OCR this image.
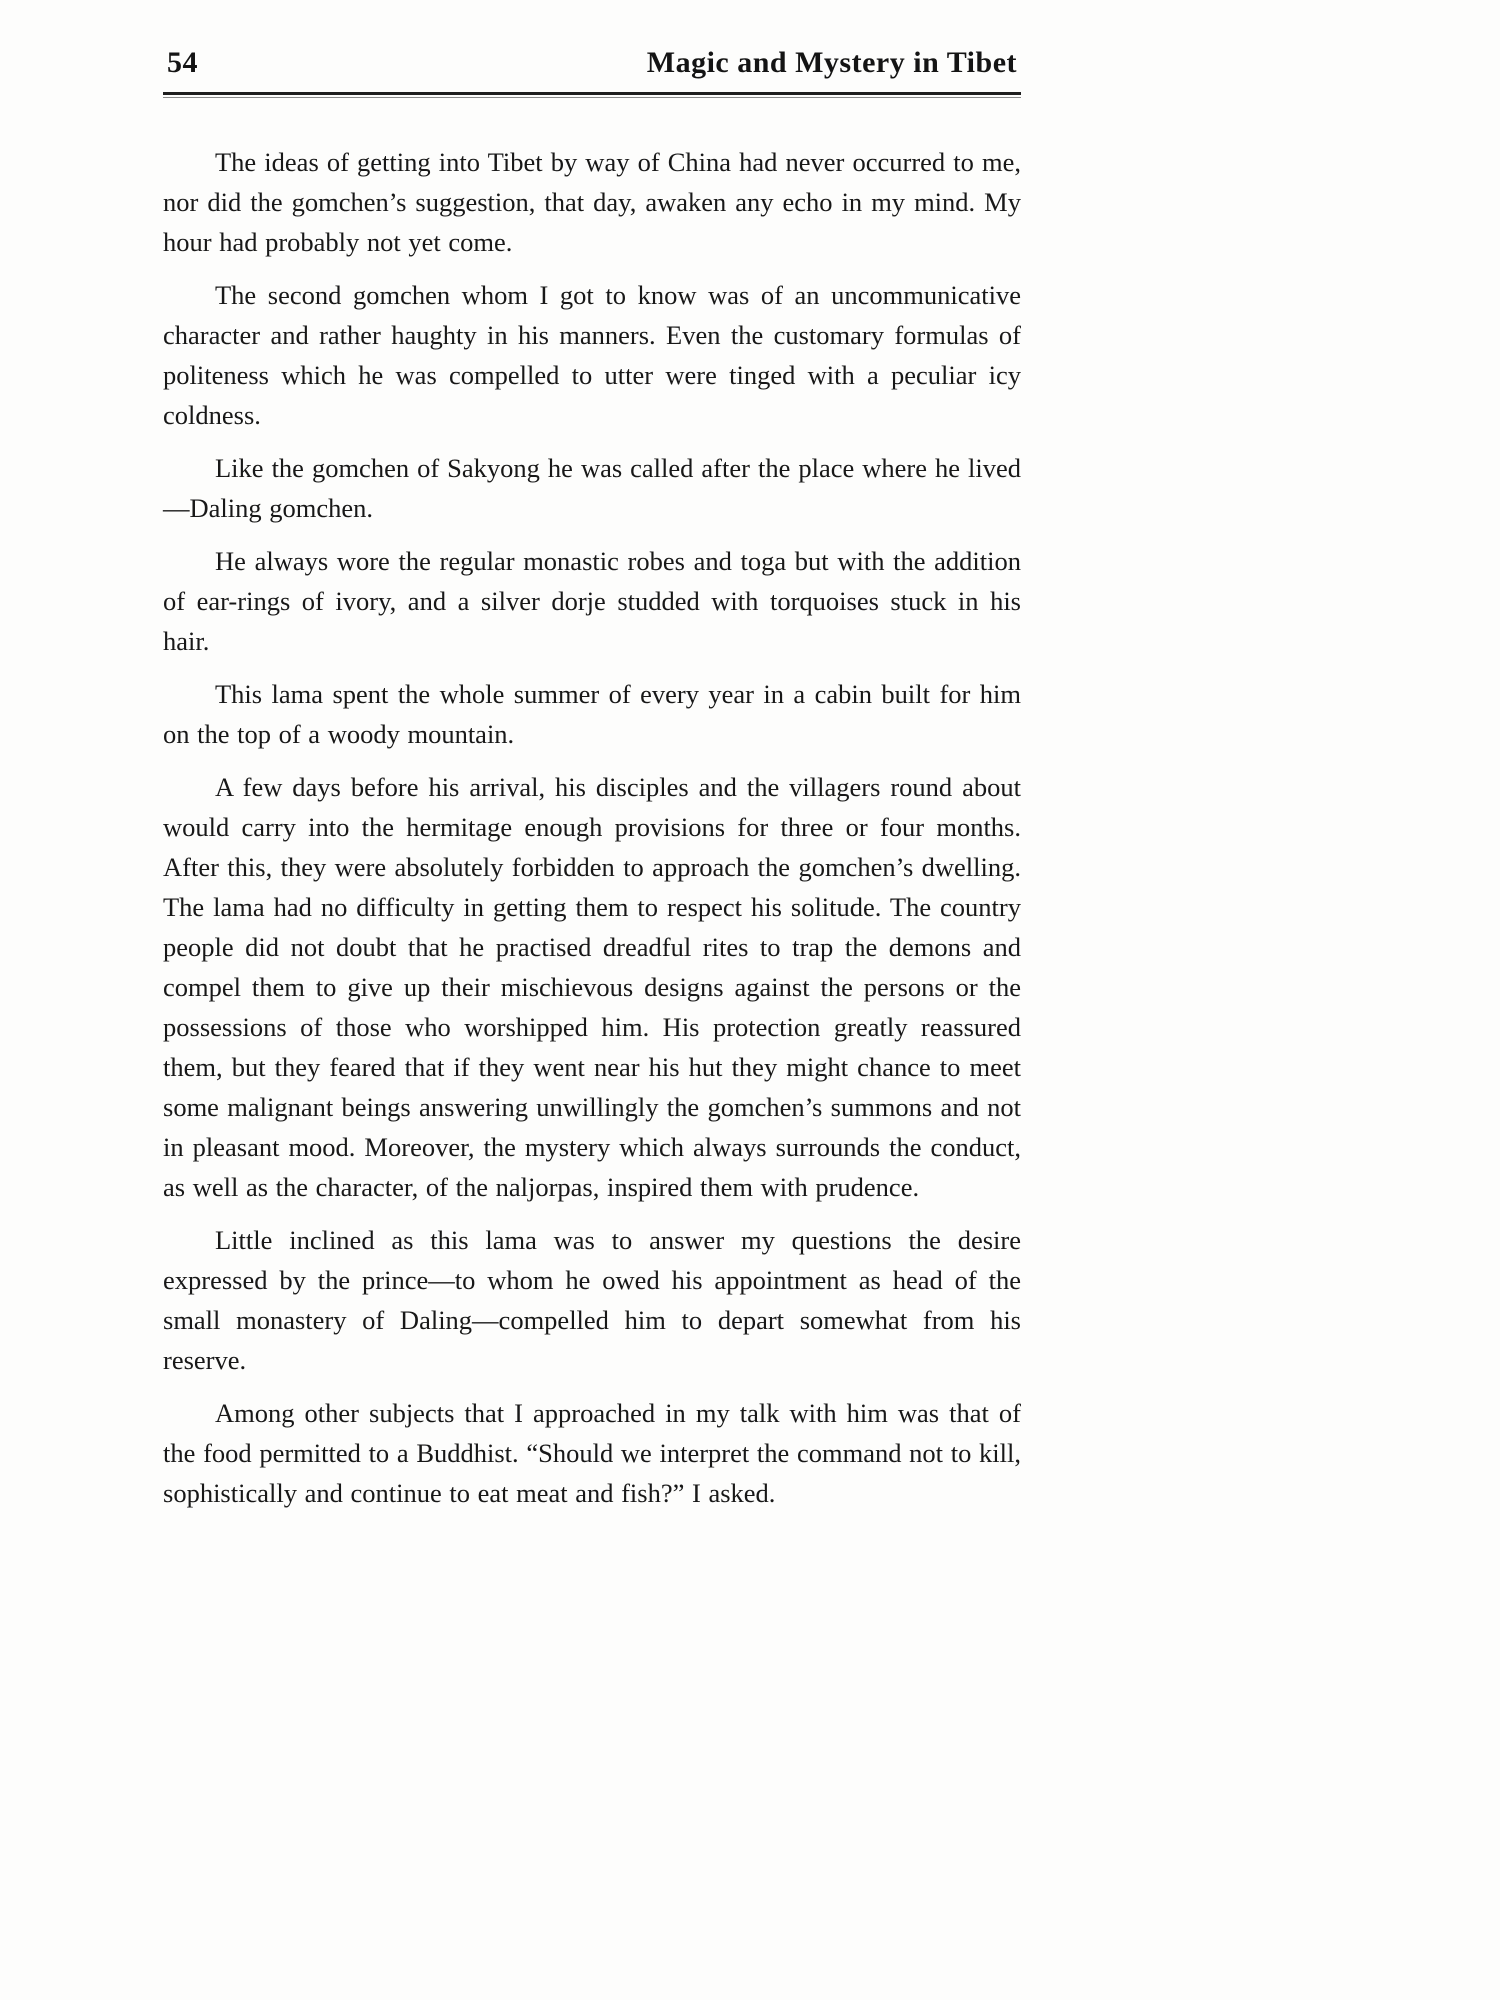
54	Magic and Mystery in Tibet

The ideas of getting into Tibet by way of China had never occurred to me, nor did the gomchen’s suggestion, that day, awaken any echo in my mind. My hour had probably not yet come.

The second gomchen whom I got to know was of an uncommunicative character and rather haughty in his manners. Even the customary formulas of politeness which he was compelled to utter were tinged with a peculiar icy coldness.

Like the gomchen of Sakyong he was called after the place where he lived—Daling gomchen.

He always wore the regular monastic robes and toga but with the addition of ear-rings of ivory, and a silver dorje studded with torquoises stuck in his hair.

This lama spent the whole summer of every year in a cabin built for him on the top of a woody mountain.

A few days before his arrival, his disciples and the villagers round about would carry into the hermitage enough provisions for three or four months. After this, they were absolutely forbidden to approach the gomchen’s dwelling. The lama had no difficulty in getting them to respect his solitude. The country people did not doubt that he practised dreadful rites to trap the demons and compel them to give up their mischievous designs against the persons or the possessions of those who worshipped him. His protection greatly reassured them, but they feared that if they went near his hut they might chance to meet some malignant beings answering unwillingly the gomchen’s summons and not in pleasant mood. Moreover, the mystery which always surrounds the conduct, as well as the character, of the naljorpas, inspired them with prudence.

Little inclined as this lama was to answer my questions the desire expressed by the prince—to whom he owed his appointment as head of the small monastery of Daling—compelled him to depart somewhat from his reserve.

Among other subjects that I approached in my talk with him was that of the food permitted to a Buddhist. “Should we interpret the command not to kill, sophistically and continue to eat meat and fish?” I asked.
